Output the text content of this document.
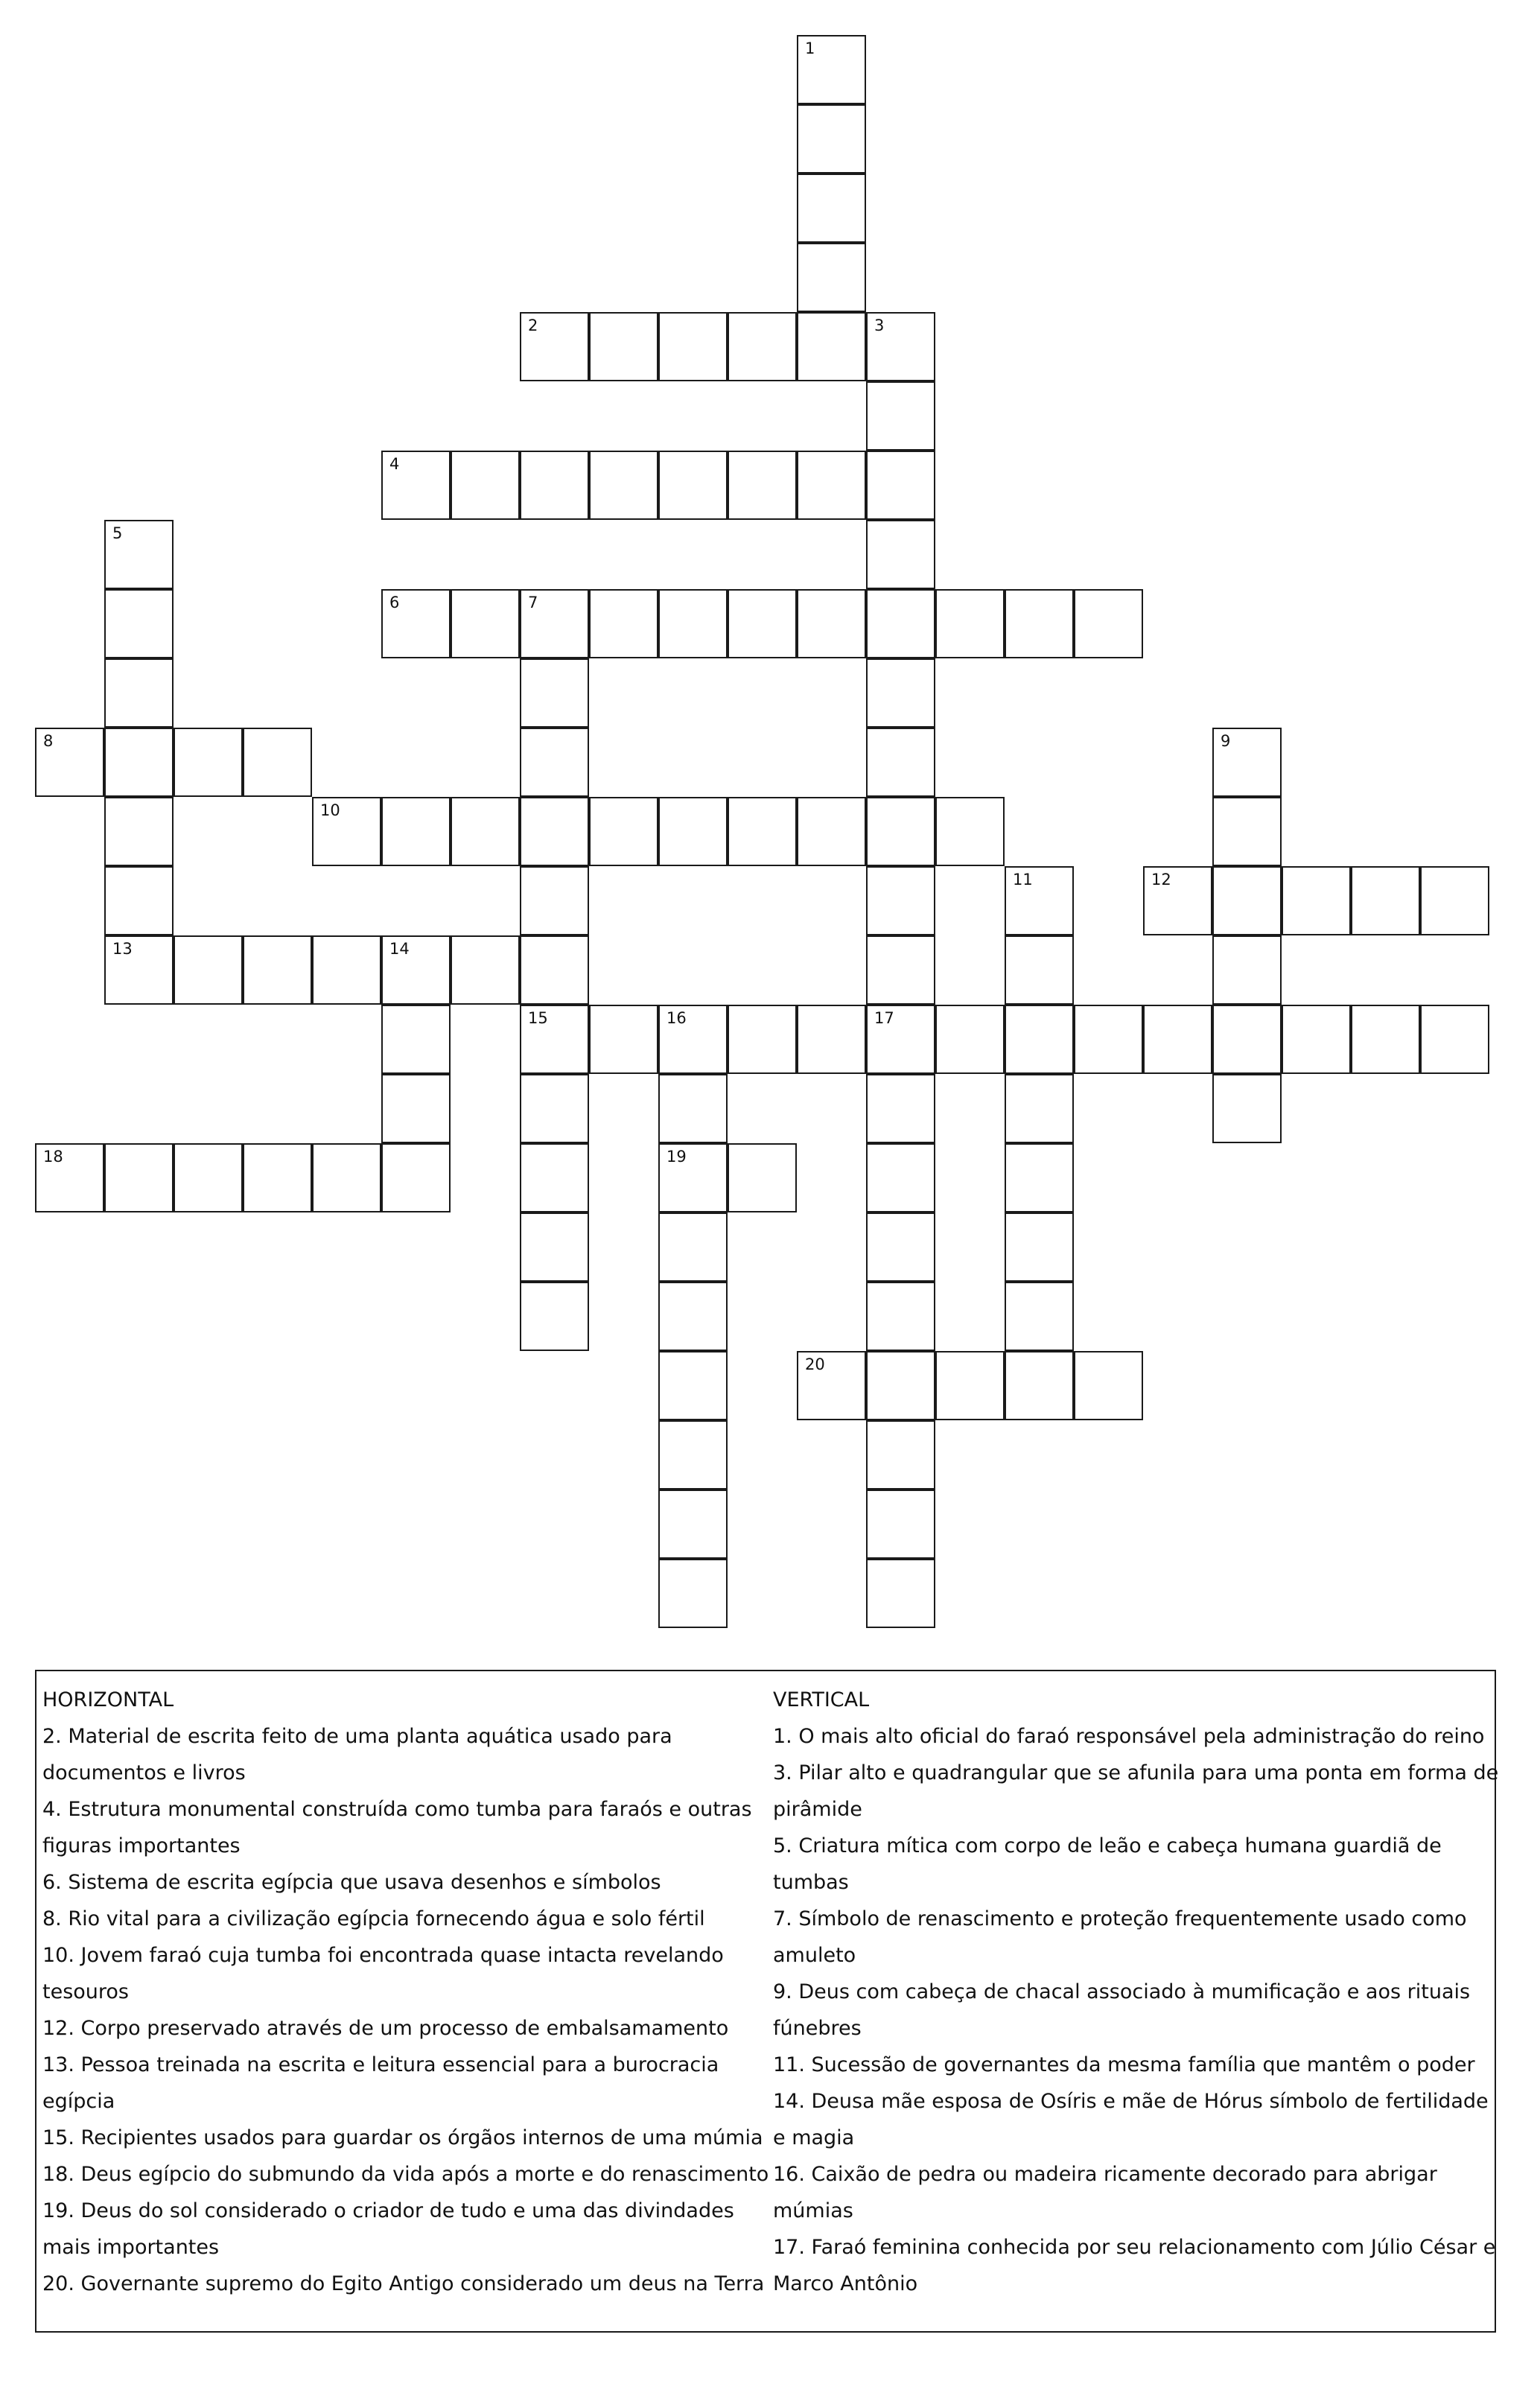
1
2	3
17
4
5
6	7
8	9
10
11	12
13	14
15	16
19
18
20

HORIZONTAL

2. Material de escrita feito de uma planta aquática usado para documentos e livros

4. Estrutura monumental construída como tumba para faraós e outras figuras importantes

6. Sistema de escrita egípcia que usava desenhos e símbolos

8. Rio vital para a civilização egípcia fornecendo água e solo fértil

10. Jovem faraó cuja tumba foi encontrada quase intacta revelando tesouros

12. Corpo preservado através de um processo de embalsamamento

13. Pessoa treinada na escrita e leitura essencial para a burocracia egípcia

15. Recipientes usados para guardar os órgãos internos de uma múmia

18. Deus egípcio do submundo da vida após a morte e do renascimento

19. Deus do sol considerado o criador de tudo e uma das divindades mais importantes

20. Governante supremo do Egito Antigo considerado um deus na Terra

VERTICAL

1. O mais alto oficial do faraó responsável pela administração do reino

3. Pilar alto e quadrangular que se afunila para uma ponta em forma de pirâmide

5. Criatura mítica com corpo de leão e cabeça humana guardiã de tumbas

7. Símbolo de renascimento e proteção frequentemente usado como amuleto

9. Deus com cabeça de chacal associado à mumificação e aos rituais fúnebres

11. Sucessão de governantes da mesma família que mantêm o poder

14. Deusa mãe esposa de Osíris e mãe de Hórus símbolo de fertilidade e magia

16. Caixão de pedra ou madeira ricamente decorado para abrigar múmias

17. Faraó feminina conhecida por seu relacionamento com Júlio César e Marco Antônio
